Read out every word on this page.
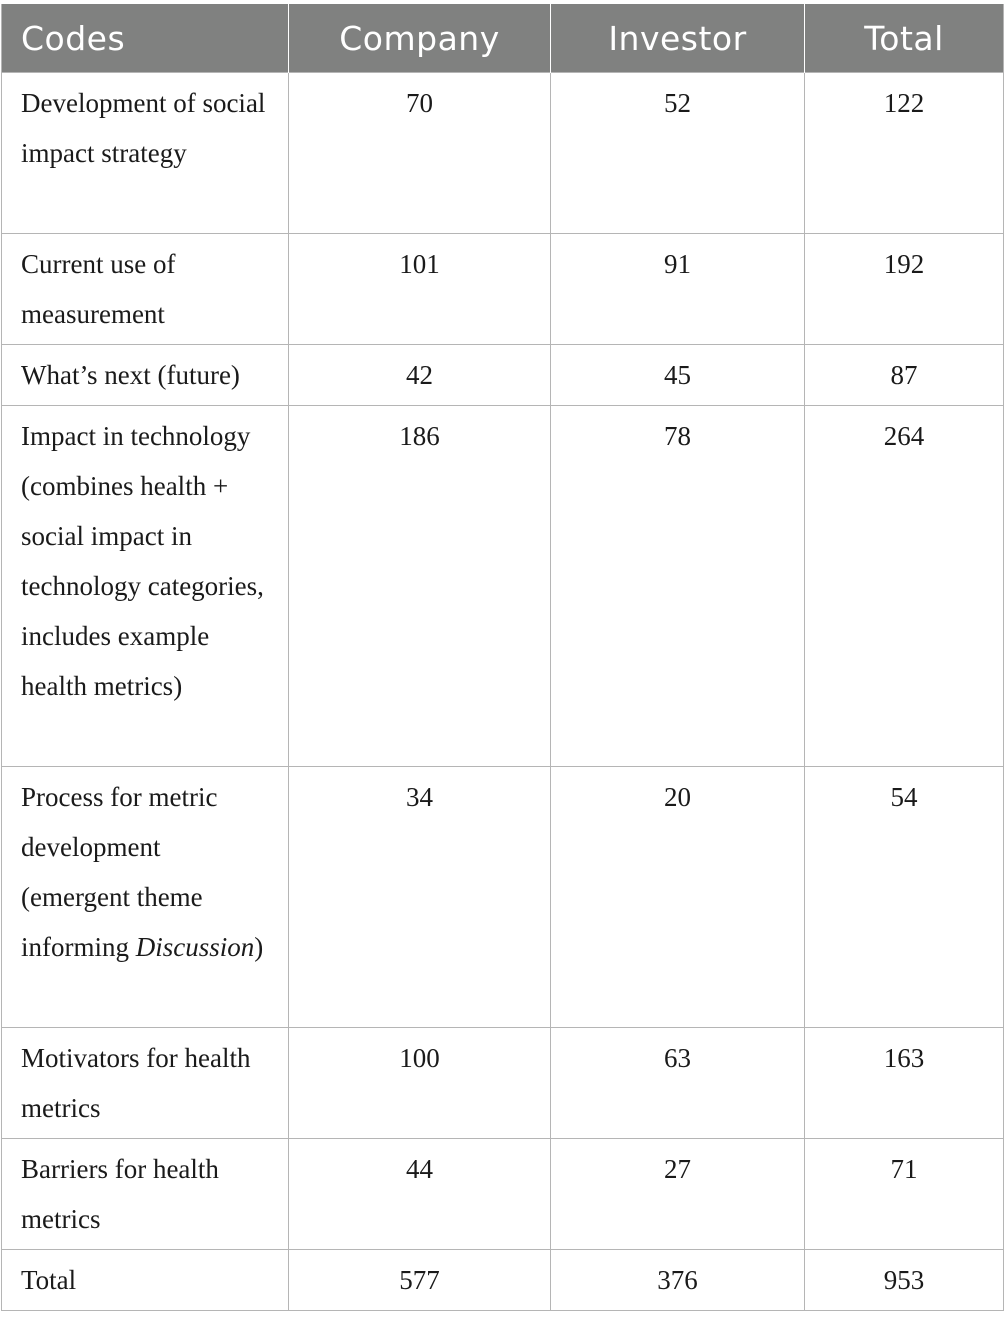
Codes	Company	Investor	Total
Development of social impact strategy	70	52	122
Current use of measurement	101	91	192
What’s next (future)	42	45	87
Impact in technology (combines health + social impact in technology categories, includes example health metrics)	186	78	264
Process for metric development (emergent theme informing Discussion)	34	20	54
Motivators for health metrics	100	63	163
Barriers for health metrics	44	27	71
Total	577	376	953
